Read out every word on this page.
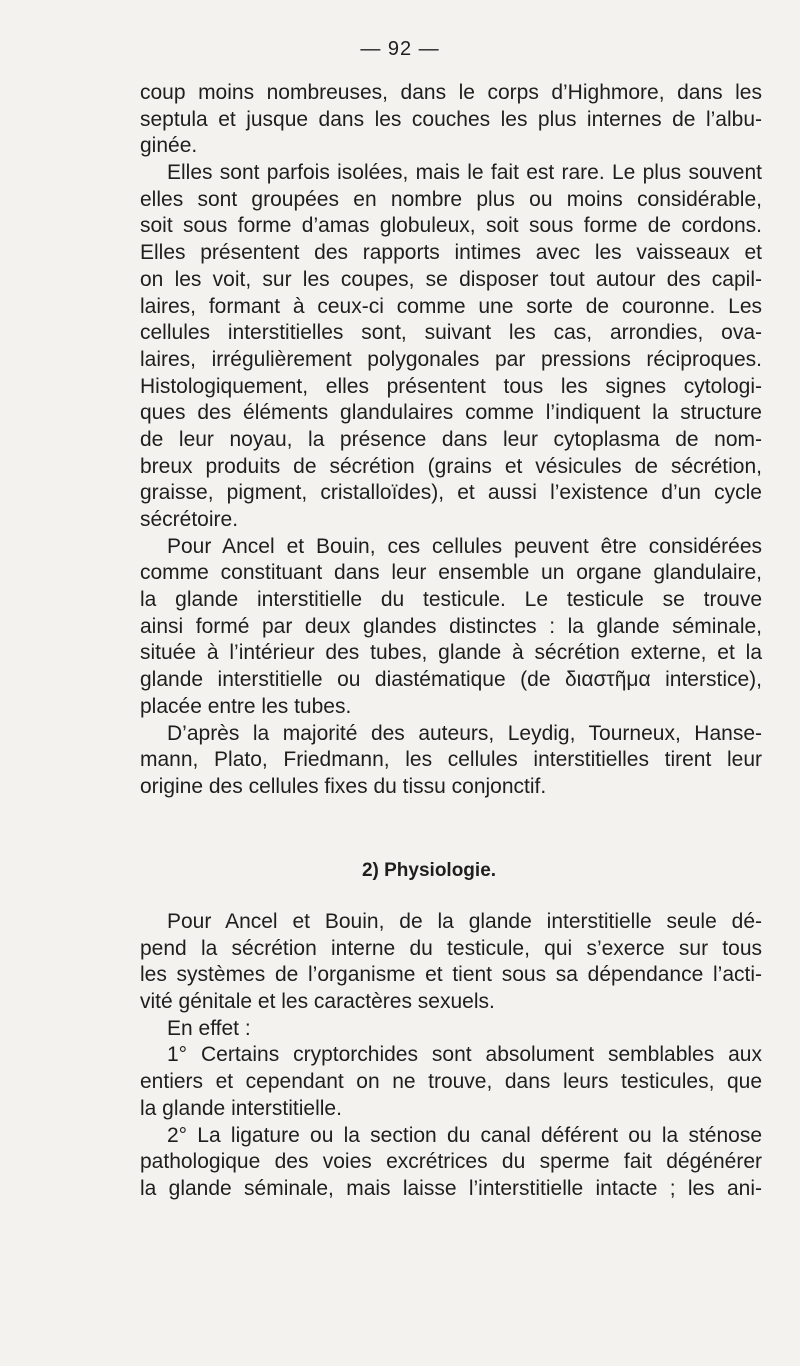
— 92 —
coup moins nombreuses, dans le corps d’Highmore, dans les
septula et jusque dans les couches les plus internes de l’albu-
ginée.
Elles sont parfois isolées, mais le fait est rare. Le plus souvent
elles sont groupées en nombre plus ou moins considérable,
soit sous forme d’amas globuleux, soit sous forme de cordons.
Elles présentent des rapports intimes avec les vaisseaux et
on les voit, sur les coupes, se disposer tout autour des capil-
laires, formant à ceux-ci comme une sorte de couronne. Les
cellules interstitielles sont, suivant les cas, arrondies, ova-
laires, irrégulièrement polygonales par pressions réciproques.
Histologiquement, elles présentent tous les signes cytologi-
ques des éléments glandulaires comme l’indiquent la structure
de leur noyau, la présence dans leur cytoplasma de nom-
breux produits de sécrétion (grains et vésicules de sécrétion,
graisse, pigment, cristalloïdes), et aussi l’existence d’un cycle
sécrétoire.
Pour Ancel et Bouin, ces cellules peuvent être considérées
comme constituant dans leur ensemble un organe glandulaire,
la glande interstitielle du testicule. Le testicule se trouve
ainsi formé par deux glandes distinctes : la glande séminale,
située à l’intérieur des tubes, glande à sécrétion externe, et la
glande interstitielle ou diastématique (de διαστῆμα interstice),
placée entre les tubes.
D’après la majorité des auteurs, Leydig, Tourneux, Hanse-
mann, Plato, Friedmann, les cellules interstitielles tirent leur
origine des cellules fixes du tissu conjonctif.
2) Physiologie.
Pour Ancel et Bouin, de la glande interstitielle seule dé-
pend la sécrétion interne du testicule, qui s’exerce sur tous
les systèmes de l’organisme et tient sous sa dépendance l’acti-
vité génitale et les caractères sexuels.
En effet :
1° Certains cryptorchides sont absolument semblables aux
entiers et cependant on ne trouve, dans leurs testicules, que
la glande interstitielle.
2° La ligature ou la section du canal déférent ou la sténose
pathologique des voies excrétrices du sperme fait dégénérer
la glande séminale, mais laisse l’interstitielle intacte ; les ani-
